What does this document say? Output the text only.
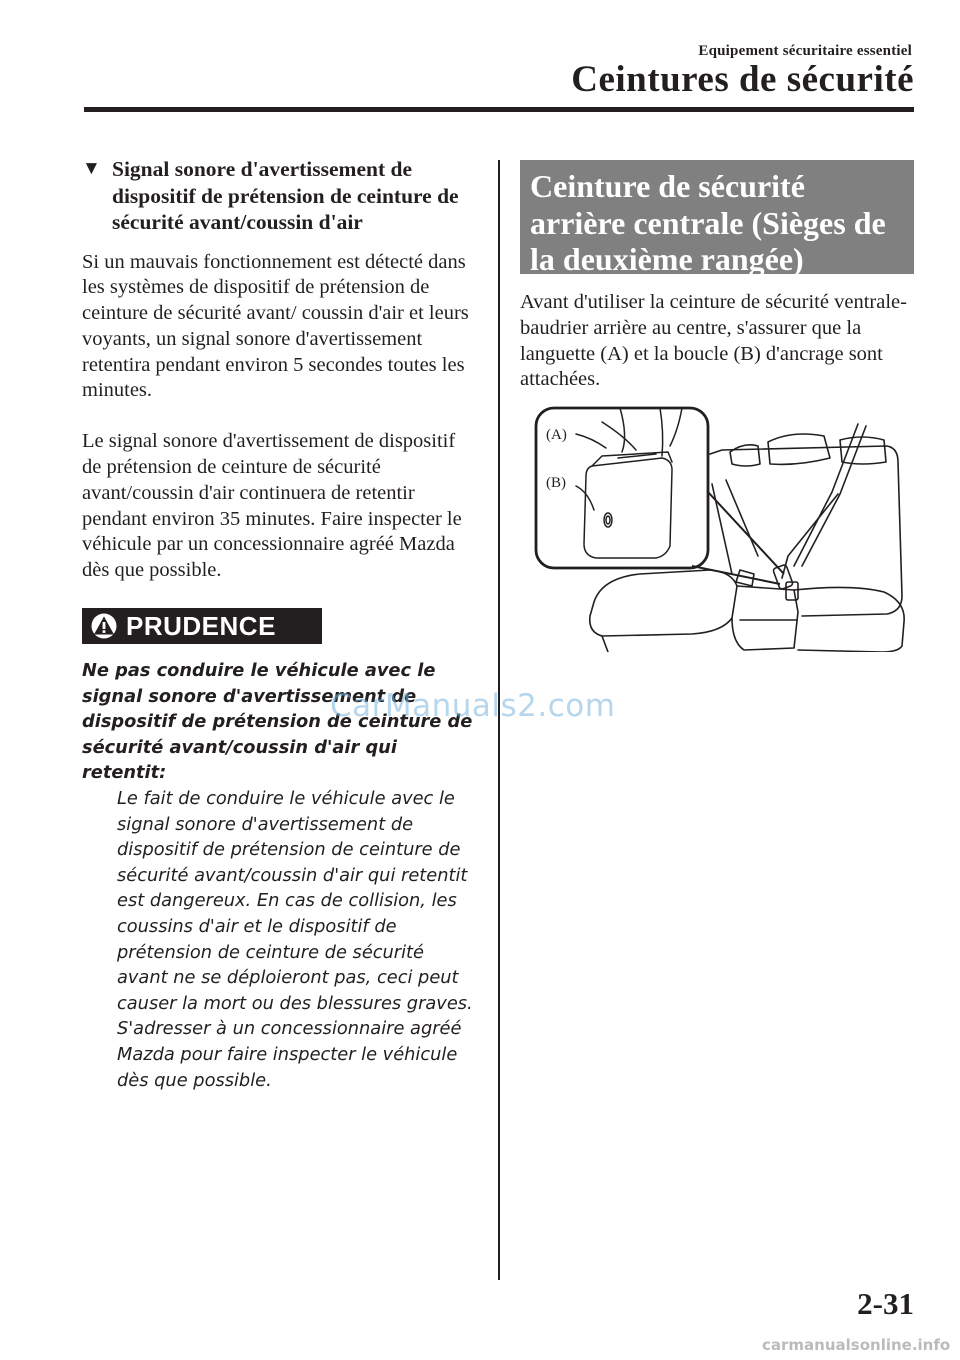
Equipement sécuritaire essentiel
Ceintures de sécurité
▼ Signal sonore d'avertissement de dispositif de prétension de ceinture de sécurité avant/coussin d'air

Si un mauvais fonctionnement est détecté dans les systèmes de dispositif de prétension de ceinture de sécurité avant/ coussin d'air et leurs voyants, un signal sonore d'avertissement retentira pendant environ 5 secondes toutes les minutes.

Le signal sonore d'avertissement de dispositif de prétension de ceinture de sécurité avant/coussin d'air continuera de retentir pendant environ 35 minutes. Faire inspecter le véhicule par un concessionnaire agréé Mazda dès que possible.

PRUDENCE
Ne pas conduire le véhicule avec le signal sonore d'avertissement de dispositif de prétension de ceinture de sécurité avant/coussin d'air qui retentit:
Le fait de conduire le véhicule avec le signal sonore d'avertissement de dispositif de prétension de ceinture de sécurité avant/coussin d'air qui retentit est dangereux. En cas de collision, les coussins d'air et le dispositif de prétension de ceinture de sécurité avant ne se déploieront pas, ceci peut causer la mort ou des blessures graves.
S'adresser à un concessionnaire agréé Mazda pour faire inspecter le véhicule dès que possible.
Ceinture de sécurité arrière centrale (Sièges de la deuxième rangée)

Avant d'utiliser la ceinture de sécurité ventrale-baudrier arrière au centre, s'assurer que la languette (A) et la boucle (B) d'ancrage sont attachées.

(A)
(B)
2-31
CarManuals2.com
carmanualsonline.info
